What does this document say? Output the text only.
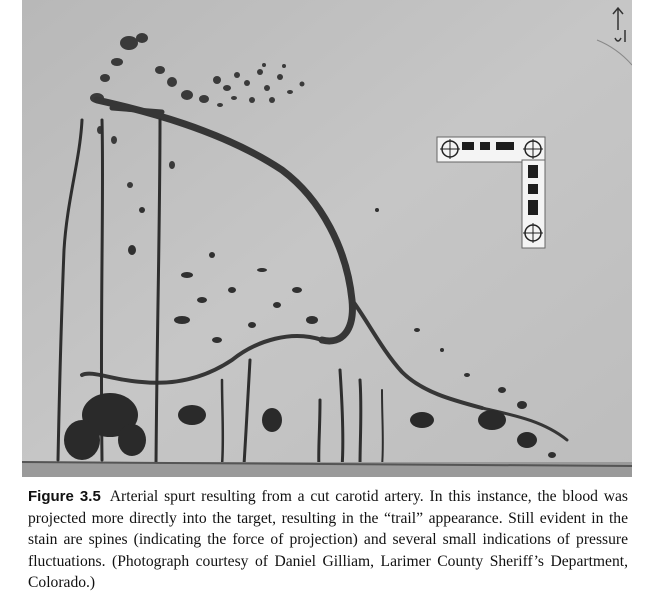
Figure 3.5 Arterial spurt resulting from a cut carotid artery. In this instance, the blood was projected more directly into the target, resulting in the “trail” appearance. Still evident in the stain are spines (indicating the force of projection) and several small indications of pressure fluctuations. (Photograph courtesy of Daniel Gilliam, Larimer County Sheriff’s Department, Colorado.)
